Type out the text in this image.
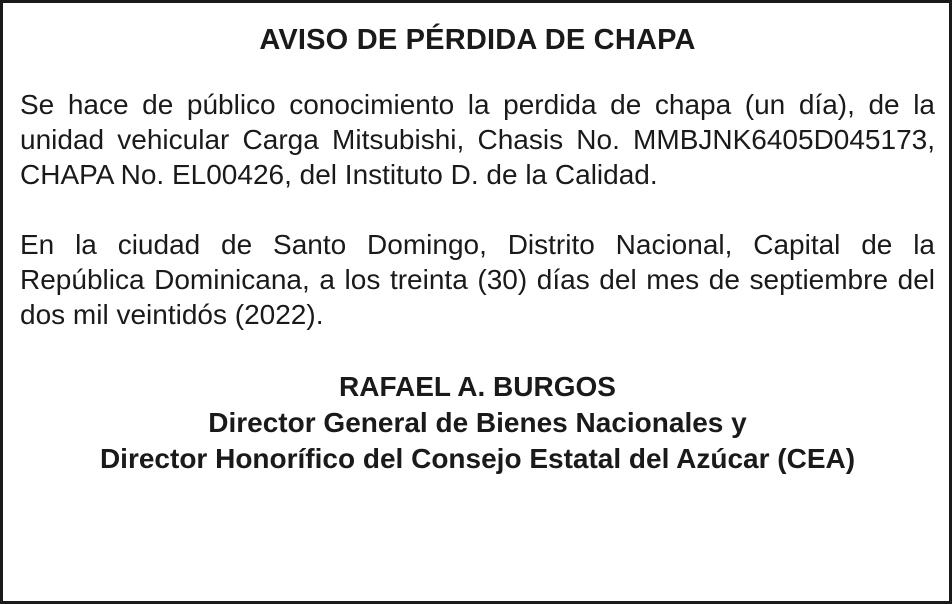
AVISO DE PÉRDIDA DE CHAPA

Se hace de público conocimiento la perdida de chapa (un día), de la unidad vehicular Carga Mitsubishi, Chasis No. MMBJNK6405D045173, CHAPA No. EL00426, del Instituto D. de la Calidad.

En la ciudad de Santo Domingo, Distrito Nacional, Capital de la República Dominicana, a los treinta (30) días del mes de septiembre del dos mil veintidós (2022).

RAFAEL A. BURGOS
Director General de Bienes Nacionales y
Director Honorífico del Consejo Estatal del Azúcar (CEA)
